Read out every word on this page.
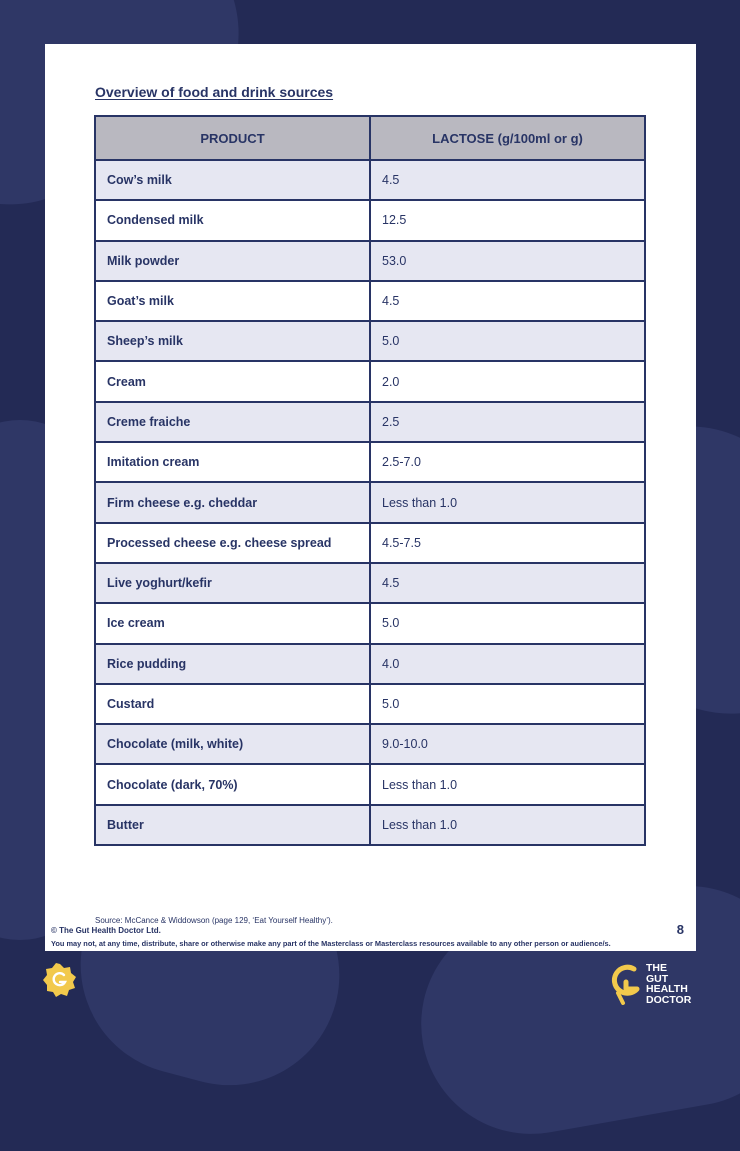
Overview of food and drink sources
PRODUCT	LACTOSE (g/100ml or g)
Cow’s milk	4.5
Condensed milk	12.5
Milk powder	53.0
Goat’s milk	4.5
Sheep’s milk	5.0
Cream	2.0
Creme fraiche	2.5
Imitation cream	2.5-7.0
Firm cheese e.g. cheddar	Less than 1.0
Processed cheese e.g. cheese spread	4.5-7.5
Live yoghurt/kefir	4.5
Ice cream	5.0
Rice pudding	4.0
Custard	5.0
Chocolate (milk, white)	9.0-10.0
Chocolate (dark, 70%)	Less than 1.0
Butter	Less than 1.0
Source: McCance & Widdowson (page 129, ‘Eat Yourself Healthy’).
© The Gut Health Doctor Ltd.
You may not, at any time, distribute, share or otherwise make any part of the Masterclass or Masterclass resources available to any other person or audience/s.
8
THE
GUT
HEALTH
DOCTOR
